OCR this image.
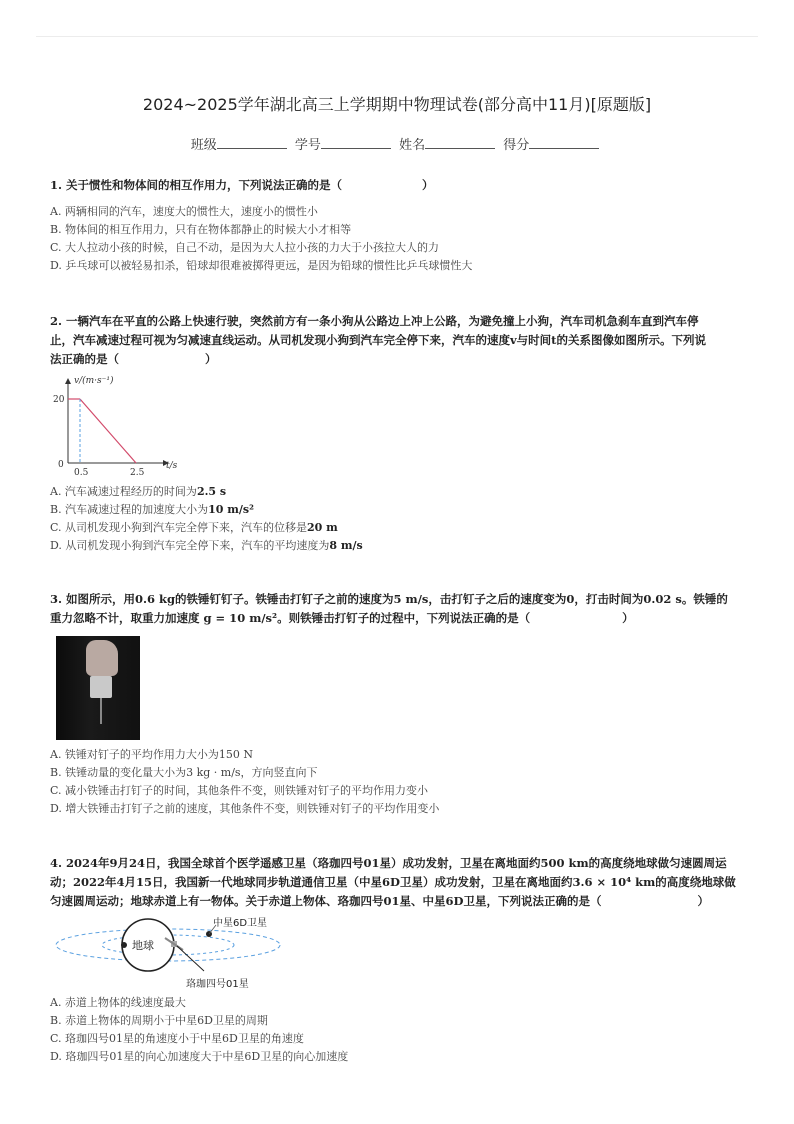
2024~2025学年湖北高三上学期期中物理试卷(部分高中11月)[原题版]
班级	学号	姓名	得分
1. 关于惯性和物体间的相互作用力，下列说法正确的是（	）
A. 两辆相同的汽车，速度大的惯性大，速度小的惯性小
B. 物体间的相互作用力，只有在物体都静止的时候大小才相等
C. 大人拉动小孩的时候，自己不动，是因为大人拉小孩的力大于小孩拉大人的力
D. 乒乓球可以被轻易扣杀，铅球却很难被掷得更远，是因为铅球的惯性比乒乓球惯性大
2. 一辆汽车在平直的公路上快速行驶，突然前方有一条小狗从公路边上冲上公路，为避免撞上小狗，汽车司机急刹车直到汽车停
止，汽车减速过程可视为匀减速直线运动。从司机发现小狗到汽车完全停下来，汽车的速度v与时间t的关系图像如图所示。下列说
法正确的是（	）
v/(m·s⁻¹)
20
0
0.5	2.5
t/s
A. 汽车减速过程经历的时间为2.5 s
B. 汽车减速过程的加速度大小为10 m/s²
C. 从司机发现小狗到汽车完全停下来，汽车的位移是20 m
D. 从司机发现小狗到汽车完全停下来，汽车的平均速度为8 m/s
3. 如图所示，用0.6 kg的铁锤钉钉子。铁锤击打钉子之前的速度为5 m/s，击打钉子之后的速度变为0，打击时间为0.02 s。铁锤的
重力忽略不计，取重力加速度 g = 10 m/s²。则铁锤击打钉子的过程中，下列说法正确的是（	）
A. 铁锤对钉子的平均作用力大小为150 N
B. 铁锤动量的变化量大小为3 kg · m/s，方向竖直向下
C. 减小铁锤击打钉子的时间，其他条件不变，则铁锤对钉子的平均作用力变小
D. 增大铁锤击打钉子之前的速度，其他条件不变，则铁锤对钉子的平均作用变小
4. 2024年9月24日，我国全球首个医学遥感卫星（珞珈四号01星）成功发射，卫星在离地面约500 km的高度绕地球做匀速圆周运
动；2022年4月15日，我国新一代地球同步轨道通信卫星（中星6D卫星）成功发射，卫星在离地面约3.6 × 10⁴ km的高度绕地球做
匀速圆周运动；地球赤道上有一物体。关于赤道上物体、珞珈四号01星、中星6D卫星，下列说法正确的是（	）
地球
中星6D卫星
珞珈四号01星
A. 赤道上物体的线速度最大
B. 赤道上物体的周期小于中星6D卫星的周期
C. 珞珈四号01星的角速度小于中星6D卫星的角速度
D. 珞珈四号01星的向心加速度大于中星6D卫星的向心加速度
